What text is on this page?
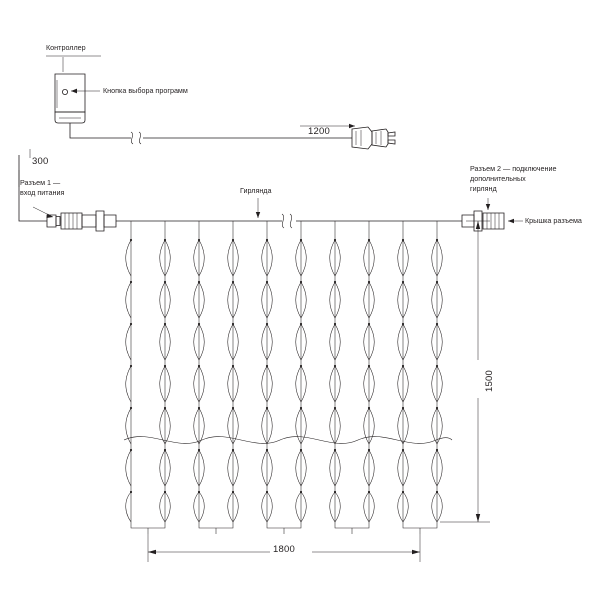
Контроллер
Кнопка выбора программ
1200
300
Разъем 1 —
вход питания	Гирлянда
Разъем 2 — подключение
дополнительных
гирлянд
Крышка разъема
1500
1800
